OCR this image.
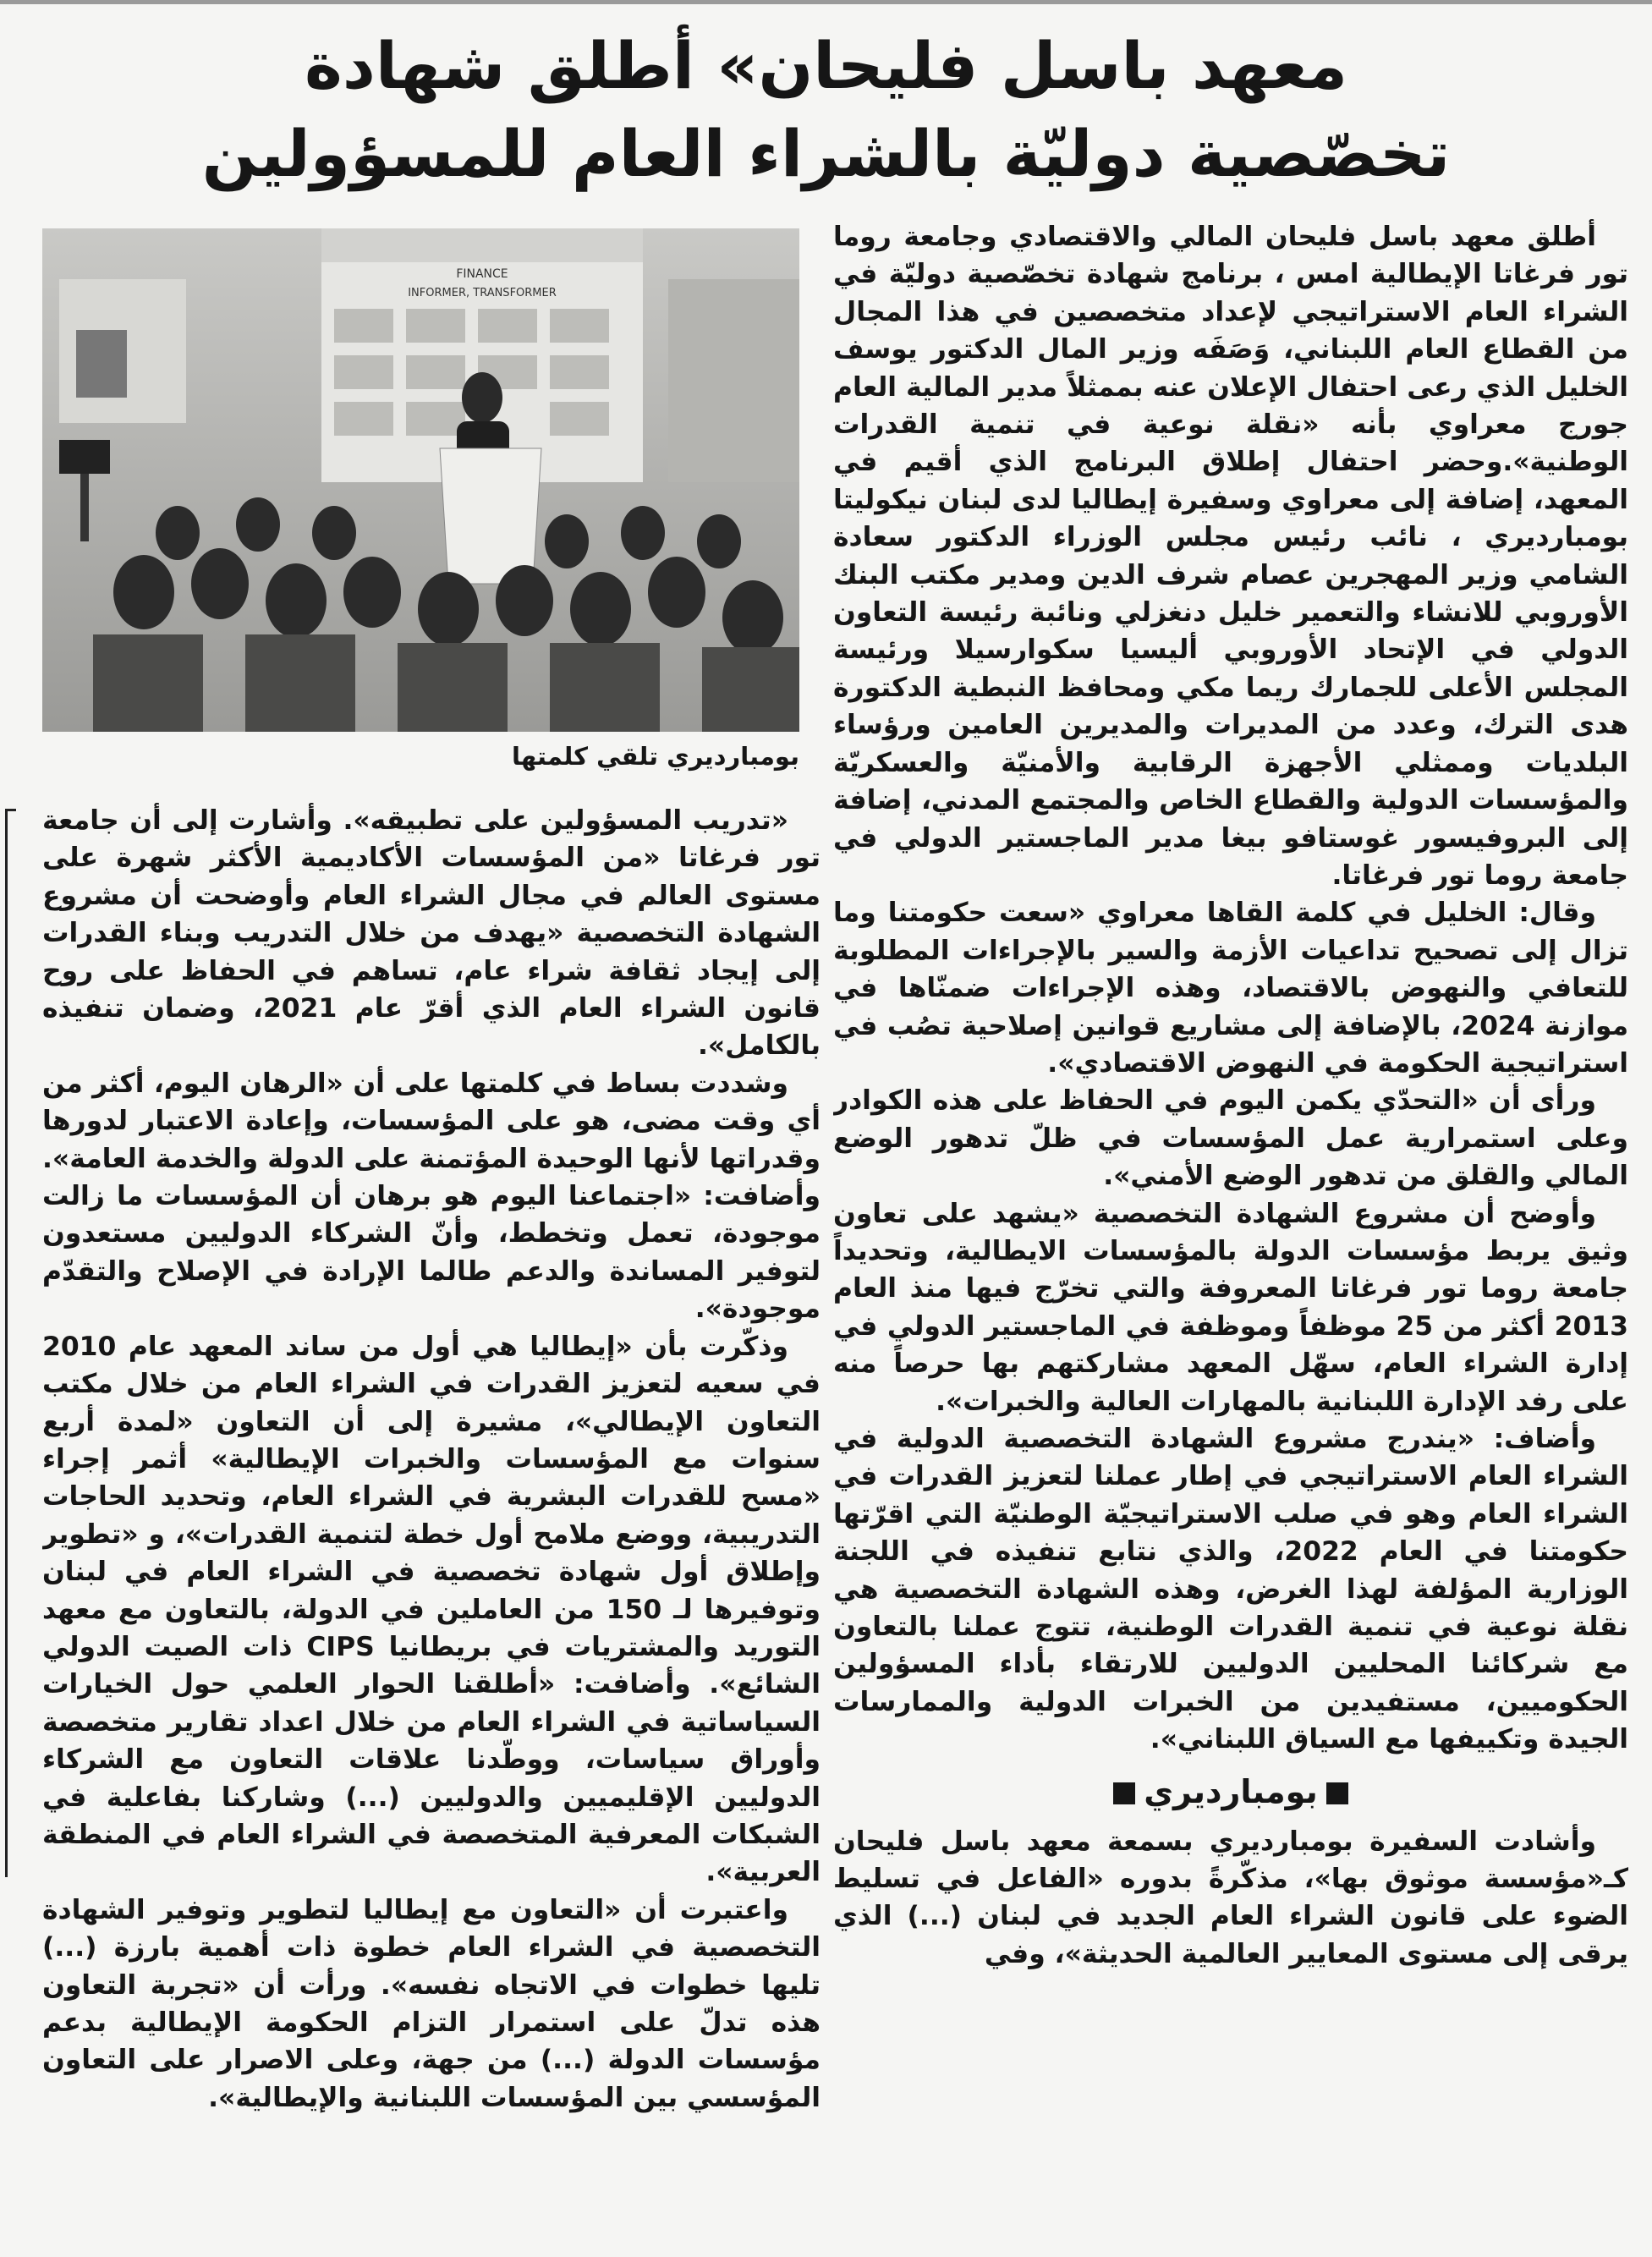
معهد باسل فليحان» أطلق شهادة
تخصّصية دوليّة بالشراء العام للمسؤولين
FINANCE
INFORMER, TRANSFORMER
بومبارديري تلقي كلمتها

أطلق معهد باسل فليحان المالي والاقتصادي وجامعة روما تور فرغاتا الإيطالية امس ، برنامج شهادة تخصّصية دوليّة في الشراء العام الاستراتيجي لإعداد متخصصين في هذا المجال من القطاع العام اللبناني، وَصَفَه وزير المال الدكتور يوسف الخليل الذي رعى احتفال الإعلان عنه بممثلاً مدير المالية العام جورج معراوي بأنه «نقلة نوعية في تنمية القدرات الوطنية».وحضر احتفال إطلاق البرنامج الذي أقيم في المعهد، إضافة إلى معراوي وسفيرة إيطاليا لدى لبنان نيكوليتا بومبارديري ، نائب رئيس مجلس الوزراء الدكتور سعادة الشامي وزير المهجرين عصام شرف الدين ومدير مكتب البنك الأوروبي للانشاء والتعمير خليل دنغزلي ونائبة رئيسة التعاون الدولي في الإتحاد الأوروبي أليسيا سكوارسيلا ورئيسة المجلس الأعلى للجمارك ريما مكي ومحافظ النبطية الدكتورة هدى الترك، وعدد من المديرات والمديرين العامين ورؤساء البلديات وممثلي الأجهزة الرقابية والأمنيّة والعسكريّة والمؤسسات الدولية والقطاع الخاص والمجتمع المدني، إضافة إلى البروفيسور غوستافو بيغا مدير الماجستير الدولي في جامعة روما تور فرغاتا.

وقال: الخليل في كلمة القاها معراوي «سعت حكومتنا وما تزال إلى تصحيح تداعيات الأزمة والسير بالإجراءات المطلوبة للتعافي والنهوض بالاقتصاد، وهذه الإجراءات ضمنّاها في موازنة 2024، بالإضافة إلى مشاريع قوانين إصلاحية تصُب في استراتيجية الحكومة في النهوض الاقتصادي».

ورأى أن «التحدّي يكمن اليوم في الحفاظ على هذه الكوادر وعلى استمرارية عمل المؤسسات في ظلّ تدهور الوضع المالي والقلق من تدهور الوضع الأمني».

وأوضح أن مشروع الشهادة التخصصية «يشهد على تعاون وثيق يربط مؤسسات الدولة بالمؤسسات الايطالية، وتحديداً جامعة روما تور فرغاتا المعروفة والتي تخرّج فيها منذ العام 2013 أكثر من 25 موظفاً وموظفة في الماجستير الدولي في إدارة الشراء العام، سهّل المعهد مشاركتهم بها حرصاً منه على رفد الإدارة اللبنانية بالمهارات العالية والخبرات».

وأضاف: «يندرج مشروع الشهادة التخصصية الدولية في الشراء العام الاستراتيجي في إطار عملنا لتعزيز القدرات في الشراء العام وهو في صلب الاستراتيجيّة الوطنيّة التي اقرّتها حكومتنا في العام 2022، والذي نتابع تنفيذه في اللجنة الوزارية المؤلفة لهذا الغرض، وهذه الشهادة التخصصية هي نقلة نوعية في تنمية القدرات الوطنية، تتوج عملنا بالتعاون مع شركائنا المحليين الدوليين للارتقاء بأداء المسؤولين الحكوميين، مستفيدين من الخبرات الدولية والممارسات الجيدة وتكييفها مع السياق اللبناني».

بومبارديري

وأشادت السفيرة بومبارديري بسمعة معهد باسل فليحان كـ«مؤسسة موثوق بها»، مذكّرةً بدوره «الفاعل في تسليط الضوء على قانون الشراء العام الجديد في لبنان (...) الذي يرقى إلى مستوى المعايير العالمية الحديثة»، وفي

«تدريب المسؤولين على تطبيقه». وأشارت إلى أن جامعة تور فرغاتا «من المؤسسات الأكاديمية الأكثر شهرة على مستوى العالم في مجال الشراء العام وأوضحت أن مشروع الشهادة التخصصية «يهدف من خلال التدريب وبناء القدرات إلى إيجاد ثقافة شراء عام، تساهم في الحفاظ على روح قانون الشراء العام الذي أقرّ عام 2021، وضمان تنفيذه بالكامل».

وشددت بساط في كلمتها على أن «الرهان اليوم، أكثر من أي وقت مضى، هو على المؤسسات، وإعادة الاعتبار لدورها وقدراتها لأنها الوحيدة المؤتمنة على الدولة والخدمة العامة». وأضافت: «اجتماعنا اليوم هو برهان أن المؤسسات ما زالت موجودة، تعمل وتخطط، وأنّ الشركاء الدوليين مستعدون لتوفير المساندة والدعم طالما الإرادة في الإصلاح والتقدّم موجودة».

وذكّرت بأن «إيطاليا هي أول من ساند المعهد عام 2010 في سعيه لتعزيز القدرات في الشراء العام من خلال مكتب التعاون الإيطالي»، مشيرة إلى أن التعاون «لمدة أربع سنوات مع المؤسسات والخبرات الإيطالية» أثمر إجراء «مسح للقدرات البشرية في الشراء العام، وتحديد الحاجات التدريبية، ووضع ملامح أول خطة لتنمية القدرات»، و «تطوير وإطلاق أول شهادة تخصصية في الشراء العام في لبنان وتوفيرها لـ 150 من العاملين في الدولة، بالتعاون مع معهد التوريد والمشتريات في بريطانيا CIPS ذات الصيت الدولي الشائع». وأضافت: «أطلقنا الحوار العلمي حول الخيارات السياساتية في الشراء العام من خلال اعداد تقارير متخصصة وأوراق سياسات، ووطّدنا علاقات التعاون مع الشركاء الدوليين الإقليميين والدوليين (...) وشاركنا بفاعلية في الشبكات المعرفية المتخصصة في الشراء العام في المنطقة العربية».

واعتبرت أن «التعاون مع إيطاليا لتطوير وتوفير الشهادة التخصصية في الشراء العام خطوة ذات أهمية بارزة (...) تليها خطوات في الاتجاه نفسه». ورأت أن «تجربة التعاون هذه تدلّ على استمرار التزام الحكومة الإيطالية بدعم مؤسسات الدولة (...) من جهة، وعلى الاصرار على التعاون المؤسسي بين المؤسسات اللبنانية والإيطالية».
